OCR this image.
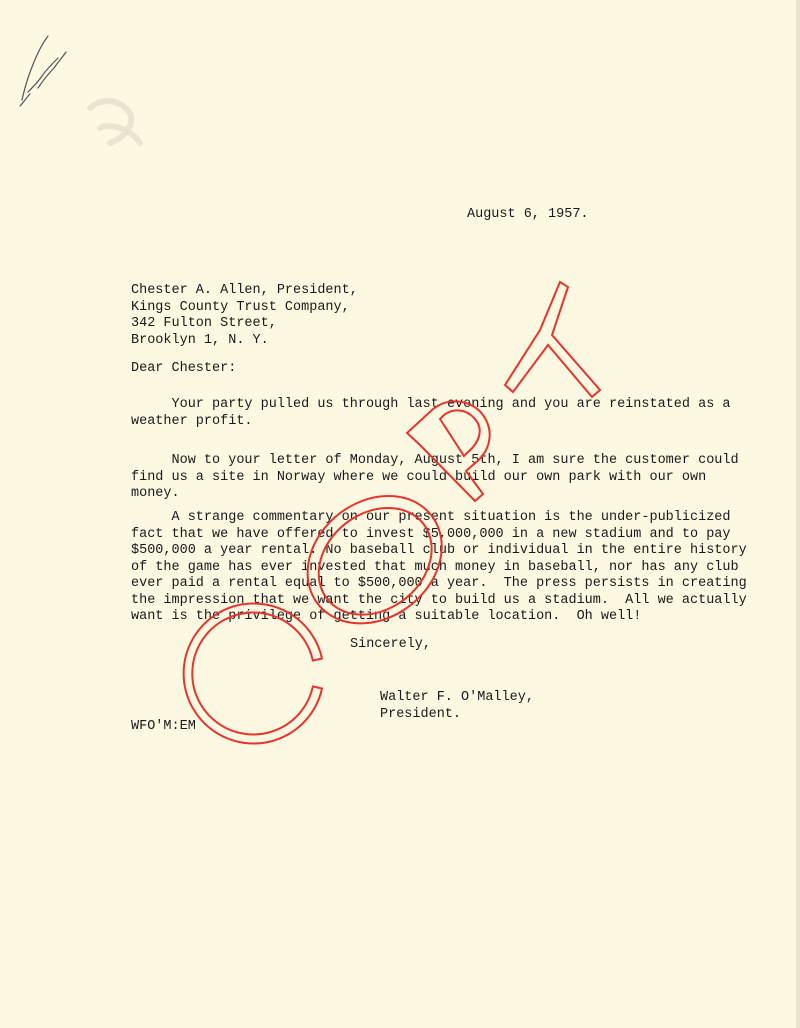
August 6, 1957.
Chester A. Allen, President,
Kings County Trust Company,
342 Fulton Street,
Brooklyn 1, N. Y.
Dear Chester:
Your party pulled us through last evening and you are reinstated as a
weather profit.
Now to your letter of Monday, August 5th, I am sure the customer could
find us a site in Norway where we could build our own park with our own
money.
A strange commentary on our present situation is the under-publicized
fact that we have offered to invest $5,000,000 in a new stadium and to pay
$500,000 a year rental. No baseball club or individual in the entire history
of the game has ever invested that much money in baseball, nor has any club
ever paid a rental equal to $500,000 a year.  The press persists in creating
the impression that we want the city to build us a stadium.  All we actually
want is the privilege of getting a suitable location.  Oh well!
Sincerely,
Walter F. O'Malley,
President.
WFO'M:EM
